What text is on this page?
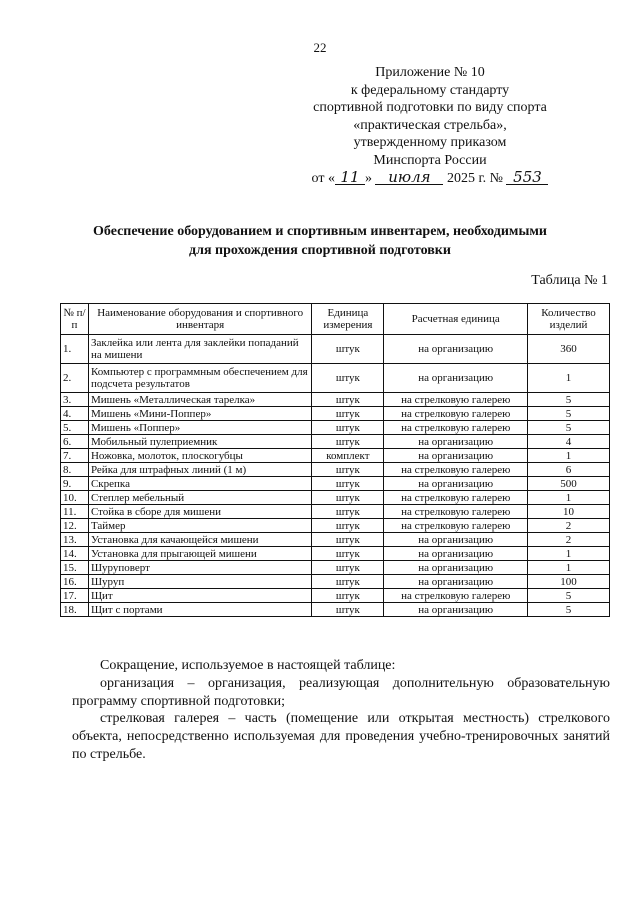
22
Приложение № 10
к федеральному стандарту
спортивной подготовки по виду спорта
«практическая стрельба»,
утвержденному приказом
Минспорта России
от « 11 » июля 2025 г. № 553
Обеспечение оборудованием и спортивным инвентарем, необходимыми
для прохождения спортивной подготовки
Таблица № 1
№ п/п	Наименование оборудования и спортивного инвентаря	Единица измерения	Расчетная единица	Количество изделий
1.	Заклейка или лента для заклейки попаданий на мишени	штук	на организацию	360
2.	Компьютер с программным обеспечением для подсчета результатов	штук	на организацию	1
3.	Мишень «Металлическая тарелка»	штук	на стрелковую галерею	5
4.	Мишень «Мини-Поппер»	штук	на стрелковую галерею	5
5.	Мишень «Поппер»	штук	на стрелковую галерею	5
6.	Мобильный пулеприемник	штук	на организацию	4
7.	Ножовка, молоток, плоскогубцы	комплект	на организацию	1
8.	Рейка для штрафных линий (1 м)	штук	на стрелковую галерею	6
9.	Скрепка	штук	на организацию	500
10.	Степлер мебельный	штук	на стрелковую галерею	1
11.	Стойка в сборе для мишени	штук	на стрелковую галерею	10
12.	Таймер	штук	на стрелковую галерею	2
13.	Установка для качающейся мишени	штук	на организацию	2
14.	Установка для прыгающей мишени	штук	на организацию	1
15.	Шуруповерт	штук	на организацию	1
16.	Шуруп	штук	на организацию	100
17.	Щит	штук	на стрелковую галерею	5
18.	Щит с портами	штук	на организацию	5

Сокращение, используемое в настоящей таблице:

организация – организация, реализующая дополнительную образовательную программу спортивной подготовки;

стрелковая галерея – часть (помещение или открытая местность) стрелкового объекта, непосредственно используемая для проведения учебно-тренировочных занятий по стрельбе.
